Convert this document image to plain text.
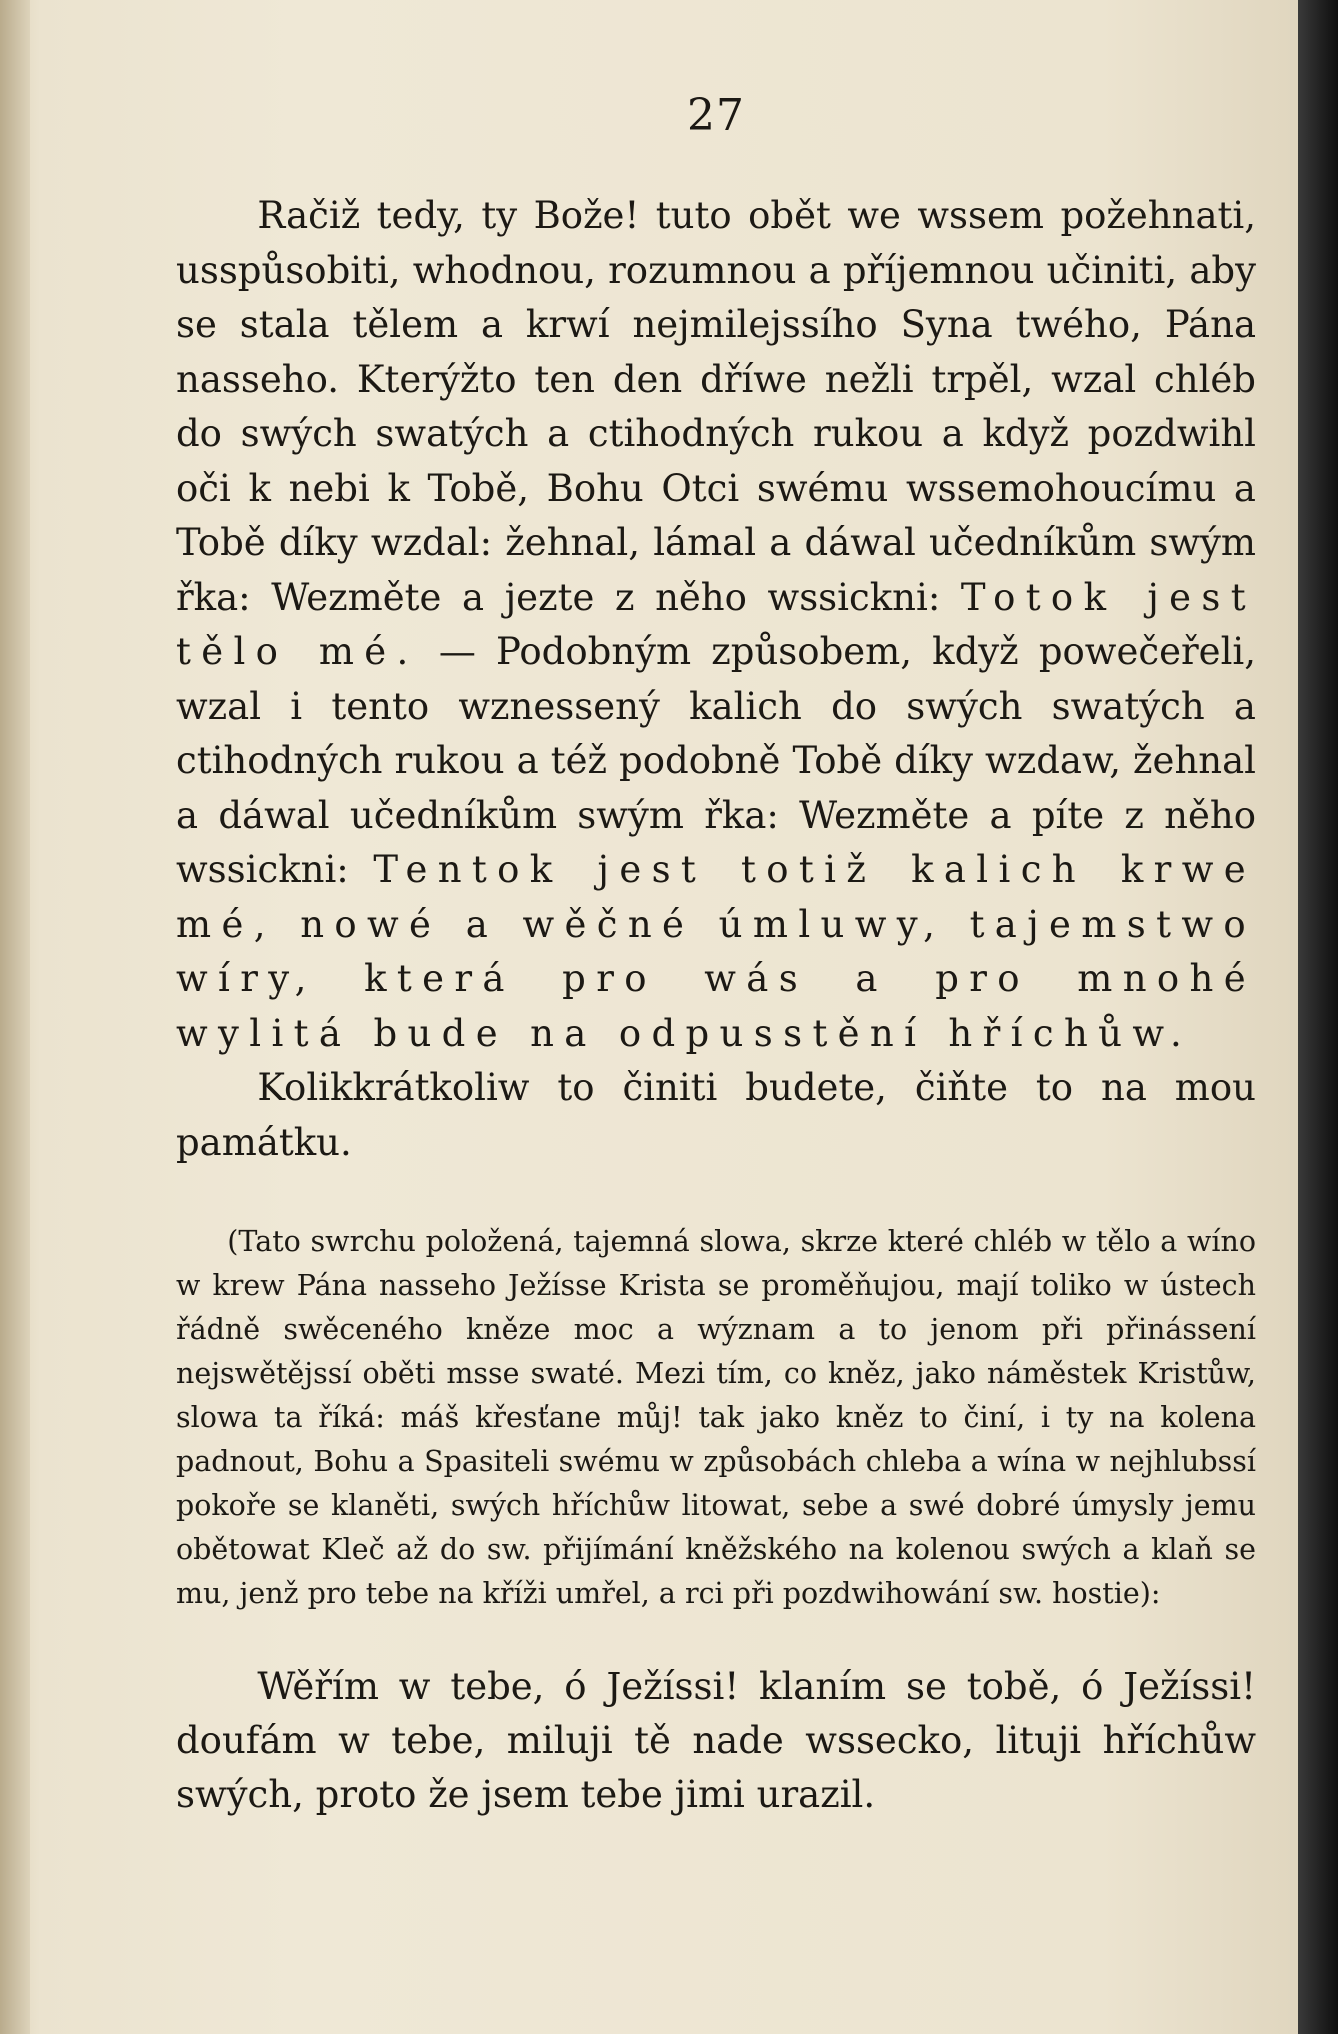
27

Račiž tedy, ty Bože! tuto obět we wssem požehnati, usspůsobiti, whodnou, rozumnou a příjemnou učiniti, aby se stala tělem a krwí nejmilejssího Syna twého, Pána nasseho. Kterýžto ten den dříwe nežli trpěl, wzal chléb do swých swatých a ctihodných rukou a když pozdwihl oči k nebi k Tobě, Bohu Otci swému wssemohoucímu a Tobě díky wzdal: žehnal, lámal a dáwal učedníkům swým řka: Wezměte a jezte z něho wssickni: Totok jest tělo mé. — Podobným způsobem, když powečeřeli, wzal i tento wznessený kalich do swých swatých a ctihodných rukou a též podobně Tobě díky wzdaw, žehnal a dáwal učedníkům swým řka: Wezměte a píte z něho wssickni: Tentok jest totiž kalich krwe mé, nowé a wěčné úmluwy, tajemstwo wíry, která pro wás a pro mnohé wylitá bude na odpusstění hříchůw.

Kolikkrátkoliw to činiti budete, čiňte to na mou památku.

(Tato swrchu položená, tajemná slowa, skrze které chléb w tělo a wíno w krew Pána nasseho Ježísse Krista se proměňujou, mají toliko w ústech řádně swěceného kněze moc a wýznam a to jenom při přinássení nejswětějssí oběti msse swaté. Mezi tím, co kněz, jako náměstek Kristůw, slowa ta říká: máš křesťane můj! tak jako kněz to činí, i ty na kolena padnout, Bohu a Spasiteli swému w způsobách chleba a wína w nejhlubssí pokoře se klaněti, swých hříchůw litowat, sebe a swé dobré úmysly jemu obětowat Kleč až do sw. přijímání kněžského na kolenou swých a klaň se mu, jenž pro tebe na kříži umřel, a rci při pozdwihowání sw. hostie):
Wěřím w tebe, ó Ježíssi! klaním se tobě, ó Ježíssi! doufám w tebe, miluji tě nade wssecko, lituji hříchůw swých, proto že jsem tebe jimi urazil.
